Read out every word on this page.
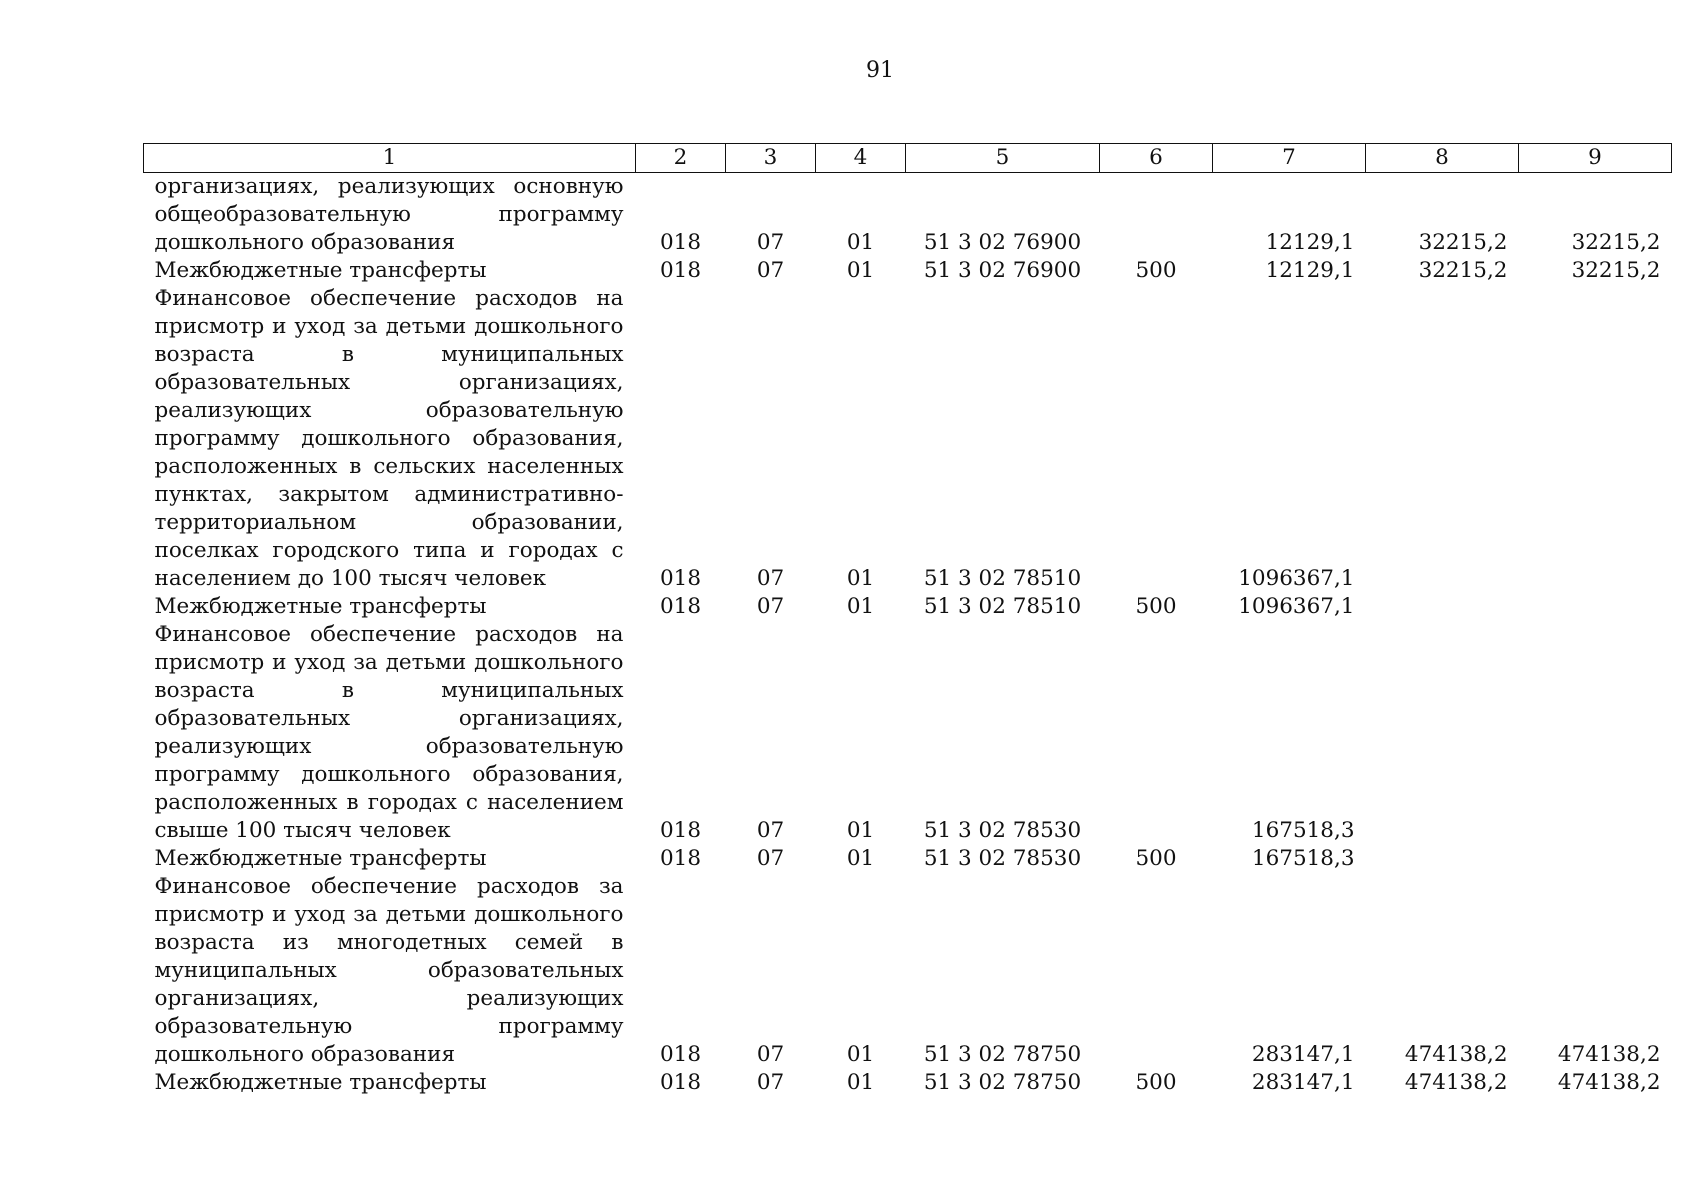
91
1	2	3	4	5	6	7	8	9
организациях, реализующих основную общеобразовательную программу дошкольного образования	018	07	01	51 3 02 76900		12129,1	32215,2	32215,2
Межбюджетные трансферты	018	07	01	51 3 02 76900	500	12129,1	32215,2	32215,2
Финансовое обеспечение расходов на присмотр и уход за детьми дошкольного возраста в муниципальных образовательных организациях, реализующих образовательную программу дошкольного образования, расположенных в сельских населенных пунктах, закрытом административно-территориальном образовании, поселках городского типа и городах с населением до 100 тысяч человек	018	07	01	51 3 02 78510		1096367,1		
Межбюджетные трансферты	018	07	01	51 3 02 78510	500	1096367,1		
Финансовое обеспечение расходов на присмотр и уход за детьми дошкольного возраста в муниципальных образовательных организациях, реализующих образовательную программу дошкольного образования, расположенных в городах с населением свыше 100 тысяч человек	018	07	01	51 3 02 78530		167518,3		
Межбюджетные трансферты	018	07	01	51 3 02 78530	500	167518,3		
Финансовое обеспечение расходов за присмотр и уход за детьми дошкольного возраста из многодетных семей в муниципальных образовательных организациях, реализующих образовательную программу дошкольного образования	018	07	01	51 3 02 78750		283147,1	474138,2	474138,2
Межбюджетные трансферты	018	07	01	51 3 02 78750	500	283147,1	474138,2	474138,2
